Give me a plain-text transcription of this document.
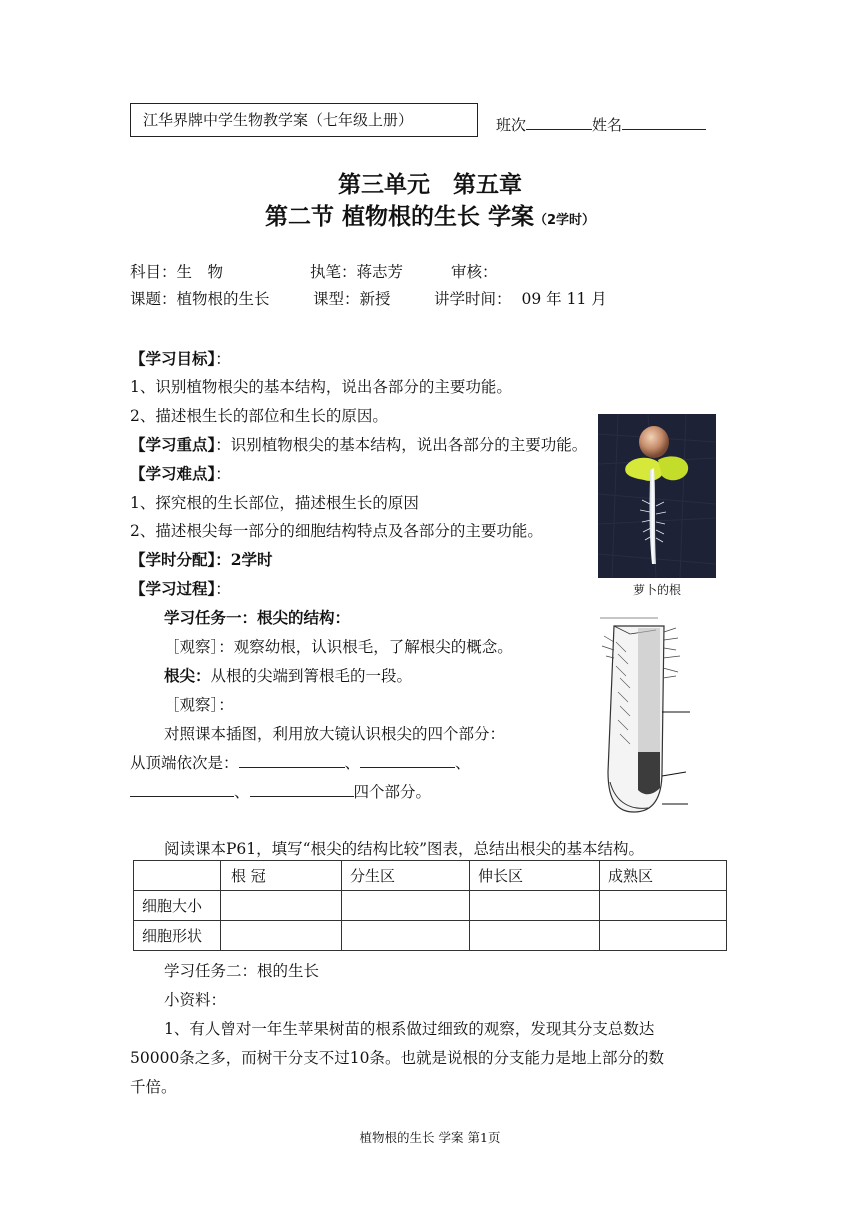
江华界牌中学生物教学案（七年级上册）	班次	姓名
第三单元　第五章
第二节 植物根的生长 学案（2学时）
科目：生　物	执笔：蒋志芳	审核：
课题：植物根的生长	课型：新授	讲学时间： 09 年 11 月
【学习目标】：
1、识别植物根尖的基本结构，说出各部分的主要功能。
2、描述根生长的部位和生长的原因。
【学习重点】：识别植物根尖的基本结构，说出各部分的主要功能。
【学习难点】：
1、探究根的生长部位，描述根生长的原因
2、描述根尖每一部分的细胞结构特点及各部分的主要功能。
【学时分配】：2学时
【学习过程】：
学习任务一：根尖的结构：
［观察］：观察幼根，认识根毛，了解根尖的概念。
根尖：从根的尖端到箐根毛的一段。
［观察］：
对照课本插图，利用放大镜认识根尖的四个部分：
从顶端依次是：	、	、
、	四个部分。
萝卜的根
阅读课本P61，填写“根尖的结构比较”图表，总结出根尖的基本结构。
	根 冠	分生区	伸长区	成熟区
细胞大小				
细胞形状				
学习任务二：根的生长
小资料：
1、有人曾对一年生苹果树苗的根系做过细致的观察，发现其分支总数达
50000条之多，而树干分支不过10条。也就是说根的分支能力是地上部分的数
千倍。
植物根的生长 学案 第1页
